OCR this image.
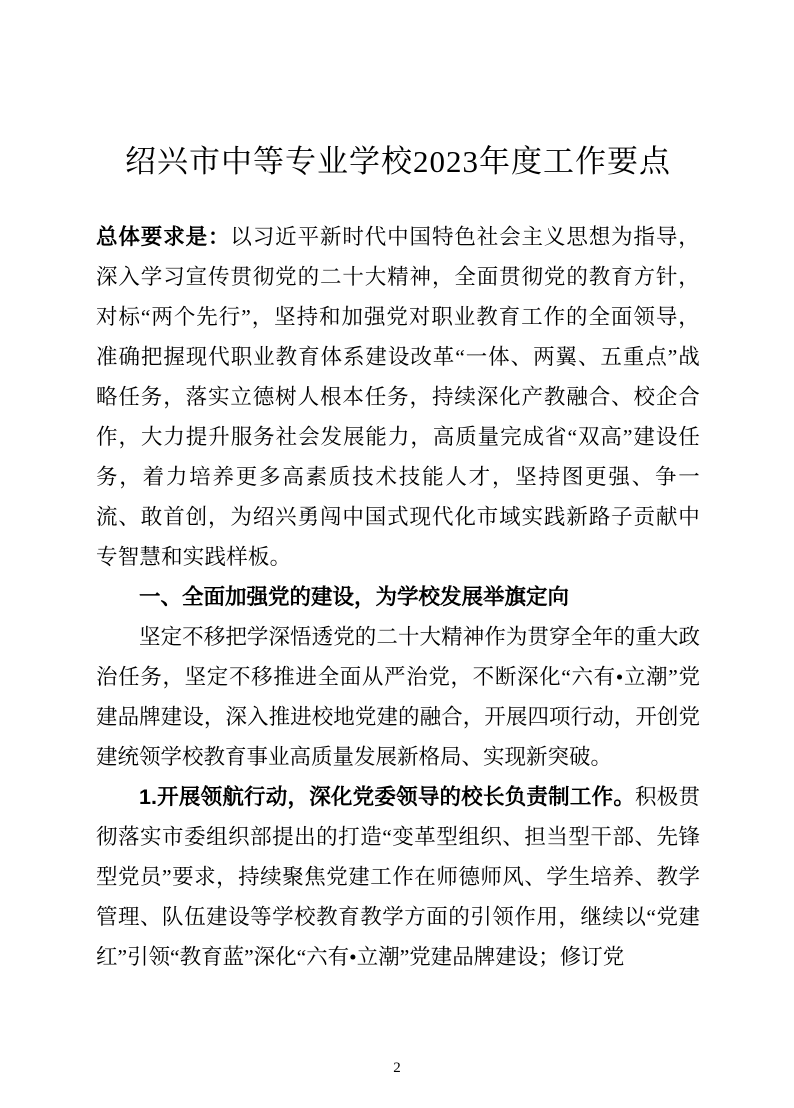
绍兴市中等专业学校2023年度工作要点

总体要求是：以习近平新时代中国特色社会主义思想为指导，深入学习宣传贯彻党的二十大精神，全面贯彻党的教育方针，对标“两个先行”，坚持和加强党对职业教育工作的全面领导，准确把握现代职业教育体系建设改革“一体、两翼、五重点”战略任务，落实立德树人根本任务，持续深化产教融合、校企合作，大力提升服务社会发展能力，高质量完成省“双高”建设任务，着力培养更多高素质技术技能人才，坚持图更强、争一流、敢首创，为绍兴勇闯中国式现代化市域实践新路子贡献中专智慧和实践样板。

一、全面加强党的建设，为学校发展举旗定向

坚定不移把学深悟透党的二十大精神作为贯穿全年的重大政治任务，坚定不移推进全面从严治党，不断深化“六有•立潮”党建品牌建设，深入推进校地党建的融合，开展四项行动，开创党建统领学校教育事业高质量发展新格局、实现新突破。

1.开展领航行动，深化党委领导的校长负责制工作。积极贯彻落实市委组织部提出的打造“变革型组织、担当型干部、先锋型党员”要求，持续聚焦党建工作在师德师风、学生培养、教学管理、队伍建设等学校教育教学方面的引领作用，继续以“党建红”引领“教育蓝”深化“六有•立潮”党建品牌建设；修订党

2
